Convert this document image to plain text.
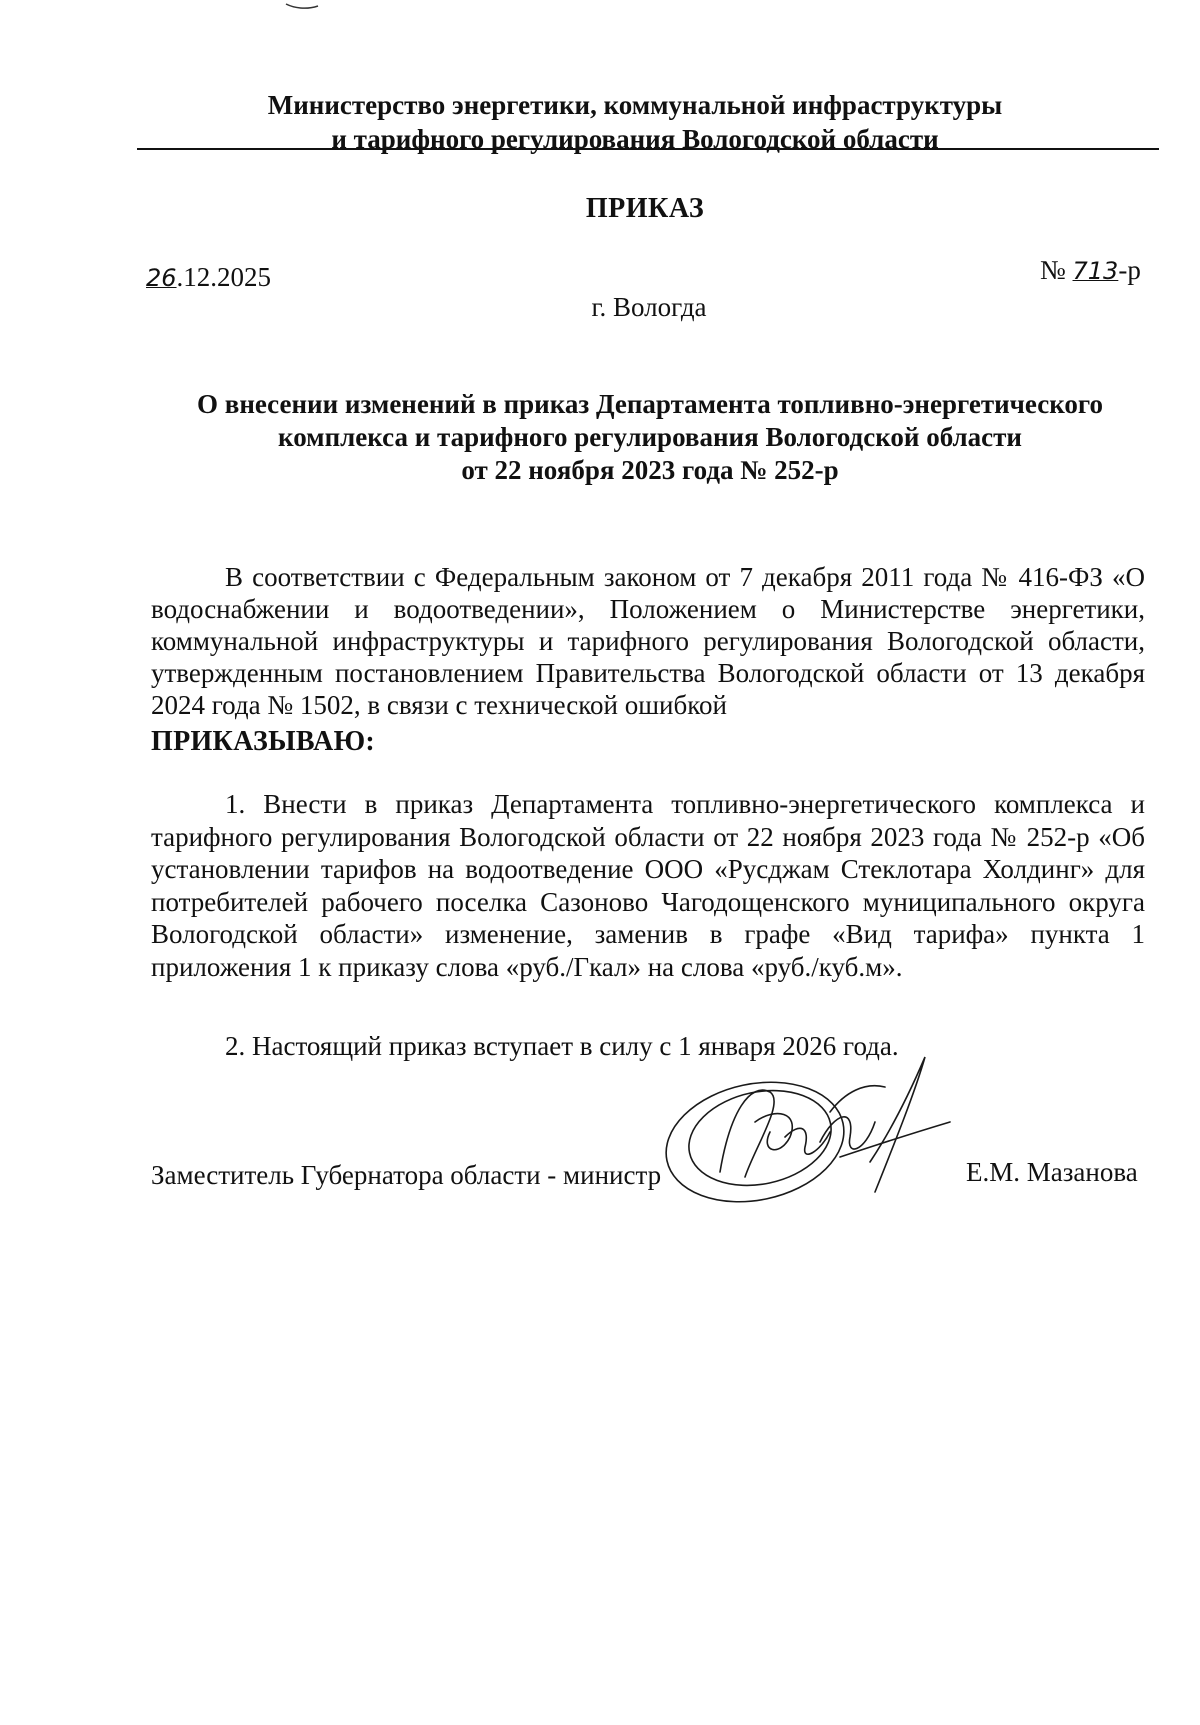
Министерство энергетики, коммунальной инфраструктуры
и тарифного регулирования Вологодской области
ПРИКАЗ
26.12.2025	№ 713-р
г. Вологда
О внесении изменений в приказ Департамента топливно-энергетического
комплекса и тарифного регулирования Вологодской области
от 22 ноября 2023 года № 252-р

В соответствии с Федеральным законом от 7 декабря 2011 года № 416-ФЗ «О водоснабжении и водоотведении», Положением о Министерстве энергетики, коммунальной инфраструктуры и тарифного регулирования Вологодской области, утвержденным постановлением Правительства Вологодской области от 13 декабря 2024 года № 1502, в связи с технической ошибкой

ПРИКАЗЫВАЮ:

1. Внести в приказ Департамента топливно-энергетического комплекса и тарифного регулирования Вологодской области от 22 ноября 2023 года № 252-р «Об установлении тарифов на водоотведение ООО «Русджам Стеклотара Холдинг» для потребителей рабочего поселка Сазоново Чагодощенского муниципального округа Вологодской области» изменение, заменив в графе «Вид тарифа» пункта 1 приложения 1 к приказу слова «руб./Гкал» на слова «руб./куб.м».

2. Настоящий приказ вступает в силу с 1 января 2026 года.

Заместитель Губернатора области - министр	Е.М. Мазанова
